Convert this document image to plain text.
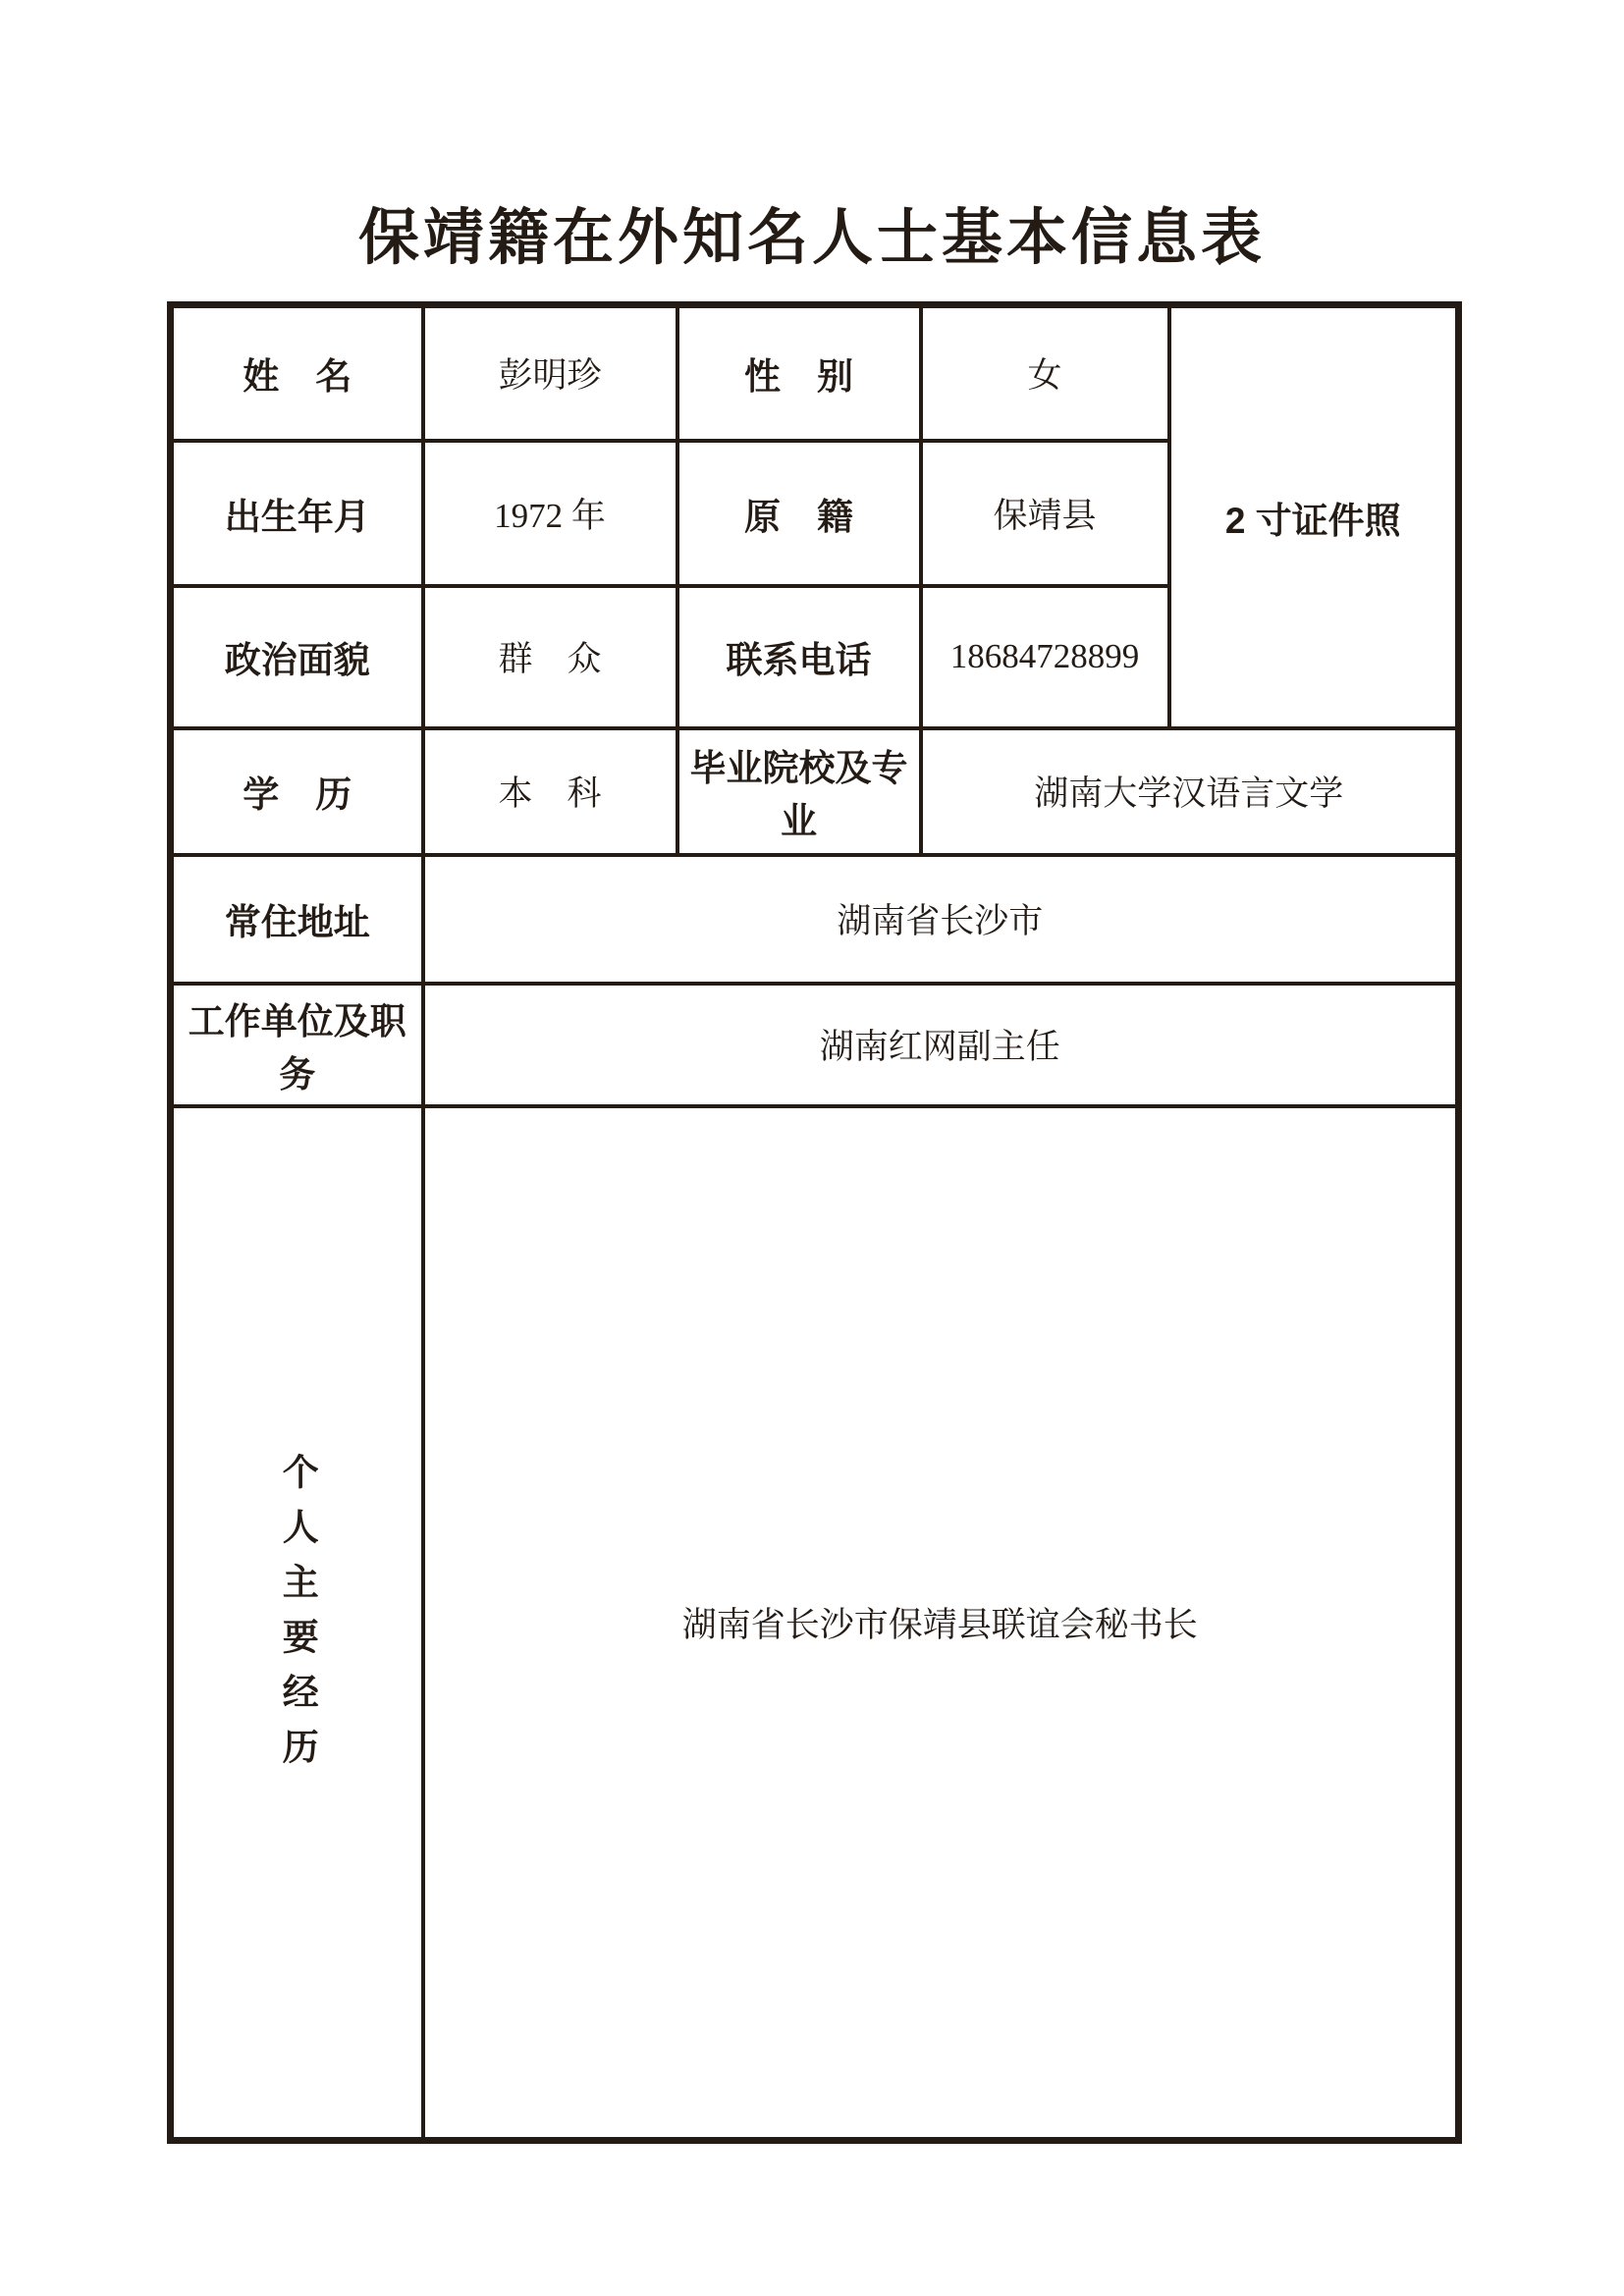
保靖籍在外知名人士基本信息表
姓　名	彭明珍	性　别	女	2 寸证件照
出生年月	1972 年	原　籍	保靖县	
政治面貌	群　众	联系电话	18684728899	
学　历	本　科	毕业院校及专业	湖南大学汉语言文学	
常住地址	湖南省长沙市			
工作单位及职务	湖南红网副主任			
个人主要经历	湖南省长沙市保靖县联谊会秘书长			
